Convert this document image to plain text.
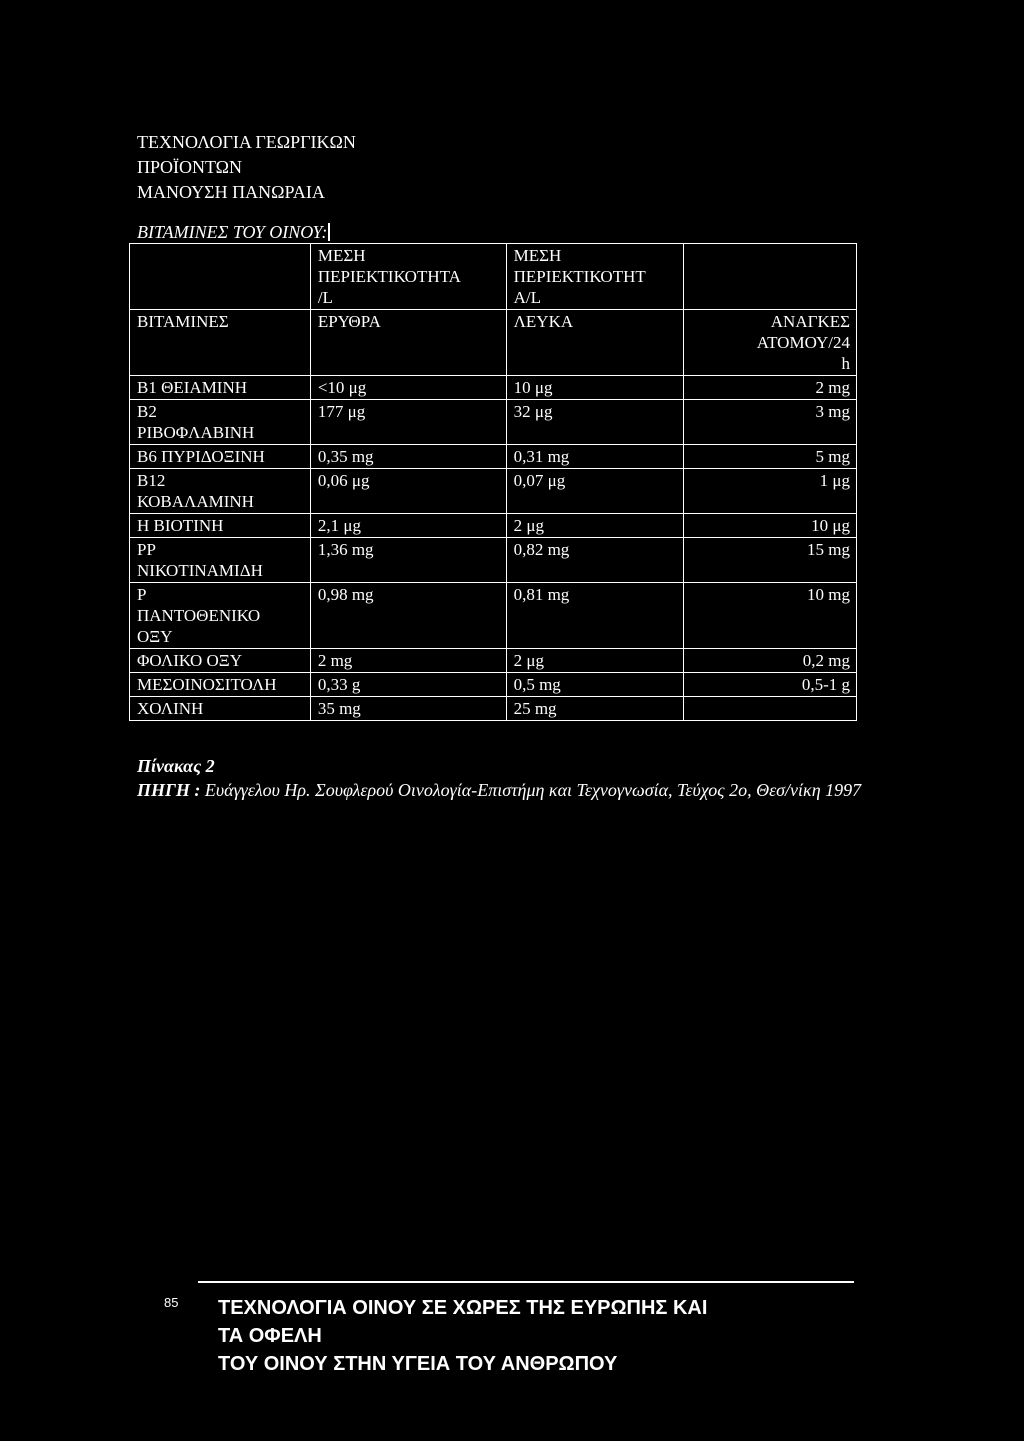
ΤΕΧΝΟΛΟΓΙΑ ΓΕΩΡΓΙΚΩΝ
ΠΡΟΪΟΝΤΩΝ
ΜΑΝΟΥΣΗ ΠΑΝΩΡΑΙΑ
ΒΙΤΑΜΙΝΕΣ ΤΟΥ ΟΙΝΟΥ:
	ΜΕΣΗ
ΠΕΡΙΕΚΤΙΚΟΤΗΤΑ
/L	ΜΕΣΗ
ΠΕΡΙΕΚΤΙΚΟΤΗΤ
Α/L	
ΒΙΤΑΜΙΝΕΣ	ΕΡΥΘΡΑ	ΛΕΥΚΑ	ΑΝΑΓΚΕΣ
ΑΤΟΜΟΥ/24
h
Β1 ΘΕΙΑΜΙΝΗ	<10 μg	10 μg	2 mg
Β2
ΡΙΒΟΦΛΑΒΙΝΗ	177 μg	32 μg	3 mg
Β6 ΠΥΡΙΔΟΞΙΝΗ	0,35 mg	0,31 mg	5 mg
Β12
ΚΟΒΑΛΑΜΙΝΗ	0,06 μg	0,07 μg	1 μg
Η ΒΙΟΤΙΝΗ	2,1 μg	2 μg	10 μg
PP
ΝΙΚΟΤΙΝΑΜΙΔΗ	1,36 mg	0,82 mg	15 mg
Ρ
ΠΑΝΤΟΘΕΝΙΚΟ
ΟΞΥ	0,98 mg	0,81 mg	10 mg
ΦΟΛΙΚΟ ΟΞΥ	2 mg	2 μg	0,2 mg
ΜΕΣΟΙΝΟΣΙΤΟΛΗ	0,33 g	0,5 mg	0,5-1 g
ΧΟΛΙΝΗ	35 mg	25 mg	
Πίνακας 2
ΠΗΓΗ : Ευάγγελου Ηρ. Σουφλερού Οινολογία-Επιστήμη και Τεχνογνωσία, Τεύχος 2ο, Θεσ/νίκη 1997
85 ΤΕΧΝΟΛΟΓΙΑ ΟΙΝΟΥ ΣΕ ΧΩΡΕΣ ΤΗΣ ΕΥΡΩΠΗΣ ΚΑΙ
ΤΑ ΟΦΕΛΗ
ΤΟΥ ΟΙΝΟΥ ΣΤΗΝ ΥΓΕΙΑ ΤΟΥ ΑΝΘΡΩΠΟΥ
